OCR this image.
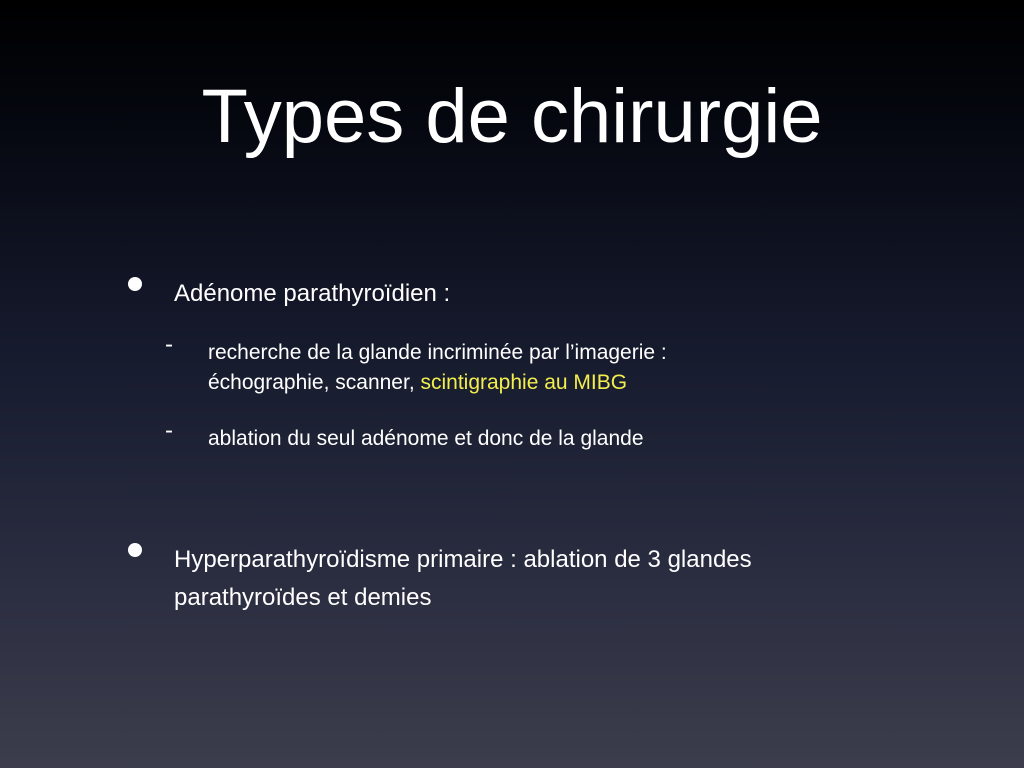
Types de chirurgie
Adénome parathyroïdien :
- recherche de la glande incriminée par l’imagerie :
échographie, scanner, scintigraphie au MIBG
- ablation du seul adénome et donc de la glande
Hyperparathyroïdisme primaire : ablation de 3 glandes
parathyroïdes et demies
